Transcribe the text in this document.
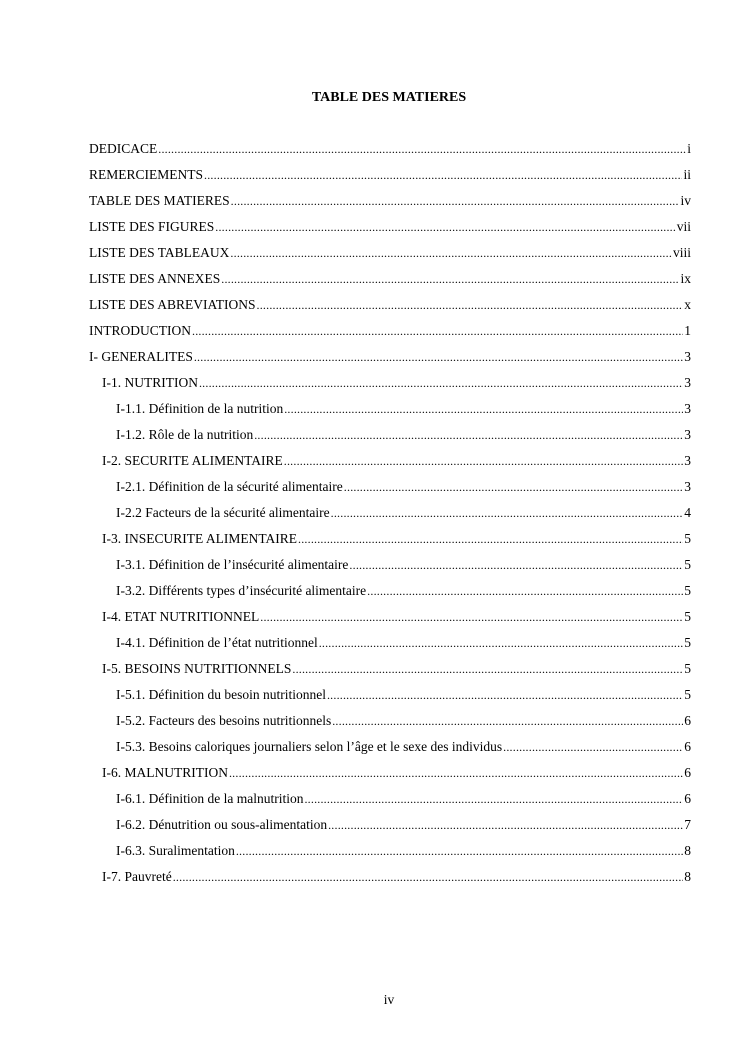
TABLE DES MATIERES
DEDICACE .....	i
REMERCIEMENTS .....	ii
TABLE DES MATIERES .....	iv
LISTE DES FIGURES .....	vii
LISTE DES TABLEAUX .....	viii
LISTE DES ANNEXES .....	ix
LISTE DES ABREVIATIONS .....	x
INTRODUCTION .....	1
I- GENERALITES .....	3
I-1. NUTRITION .....	3
I-1.1. Définition de la nutrition .....	3
I-1.2. Rôle de la nutrition .....	3
I-2. SECURITE ALIMENTAIRE .....	3
I-2.1. Définition de la sécurité alimentaire .....	3
I-2.2 Facteurs de la sécurité alimentaire .....	4
I-3. INSECURITE ALIMENTAIRE .....	5
I-3.1. Définition de l’insécurité alimentaire .....	5
I-3.2. Différents types d’insécurité alimentaire .....	5
I-4. ETAT NUTRITIONNEL .....	5
I-4.1. Définition de l’état nutritionnel .....	5
I-5. BESOINS NUTRITIONNELS .....	5
I-5.1. Définition du besoin nutritionnel .....	5
I-5.2. Facteurs des besoins nutritionnels .....	6
I-5.3. Besoins caloriques journaliers selon l’âge et le sexe des individus .....	6
I-6. MALNUTRITION .....	6
I-6.1. Définition de la malnutrition .....	6
I-6.2. Dénutrition ou sous-alimentation .....	7
I-6.3. Suralimentation .....	8
I-7. Pauvreté .....	8
iv
